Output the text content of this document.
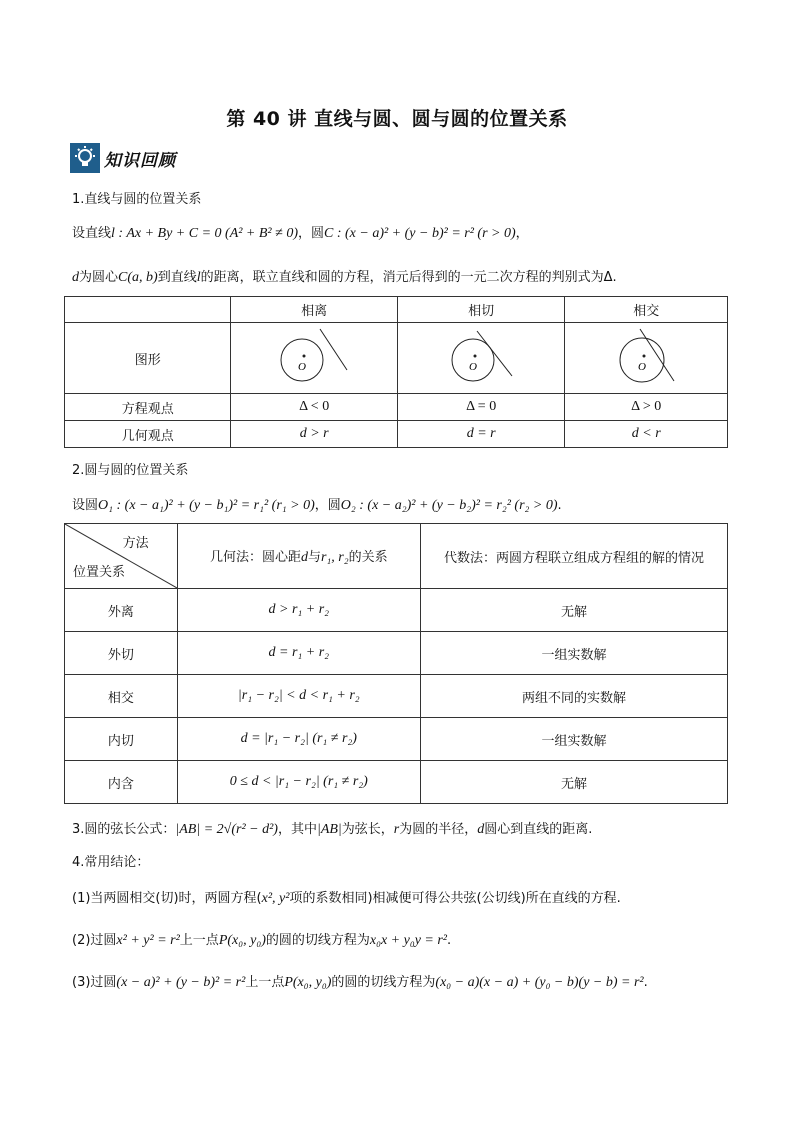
第 40 讲 直线与圆、圆与圆的位置关系
知识回顾
1.直线与圆的位置关系
设直线l : Ax + By + C = 0 (A² + B² ≠ 0)，圆C : (x − a)² + (y − b)² = r² (r > 0)，
d为圆心C(a, b)到直线l的距离，联立直线和圆的方程，消元后得到的一元二次方程的判别式为Δ.
	相离	相切	相交
图形	O	O	O

方程观点	Δ < 0	Δ = 0	Δ > 0
几何观点	d > r	d = r	d < r
2.圆与圆的位置关系
设圆O₁ : (x − a₁)² + (y − b₁)² = r₁² (r₁ > 0)，圆O₂ : (x − a₂)² + (y − b₂)² = r₂² (r₂ > 0).
方法
位置关系	几何法：圆心距d与r₁, r₂的关系	代数法：两圆方程联立组成方程组的解的情况
外离	d > r₁ + r₂	无解
外切	d = r₁ + r₂	一组实数解
相交	|r₁ − r₂| < d < r₁ + r₂	两组不同的实数解
内切	d = |r₁ − r₂| (r₁ ≠ r₂)	一组实数解
内含	0 ≤ d < |r₁ − r₂| (r₁ ≠ r₂)	无解
3.圆的弦长公式：|AB| = 2√(r² − d²)，其中|AB|为弦长，r为圆的半径，d圆心到直线的距离.
4.常用结论：
(1)当两圆相交(切)时，两圆方程(x², y²项的系数相同)相减便可得公共弦(公切线)所在直线的方程.
(2)过圆x² + y² = r²上一点P(x₀, y₀)的圆的切线方程为x₀x + y₀y = r².
(3)过圆(x − a)² + (y − b)² = r²上一点P(x₀, y₀)的圆的切线方程为(x₀ − a)(x − a) + (y₀ − b)(y − b) = r².
